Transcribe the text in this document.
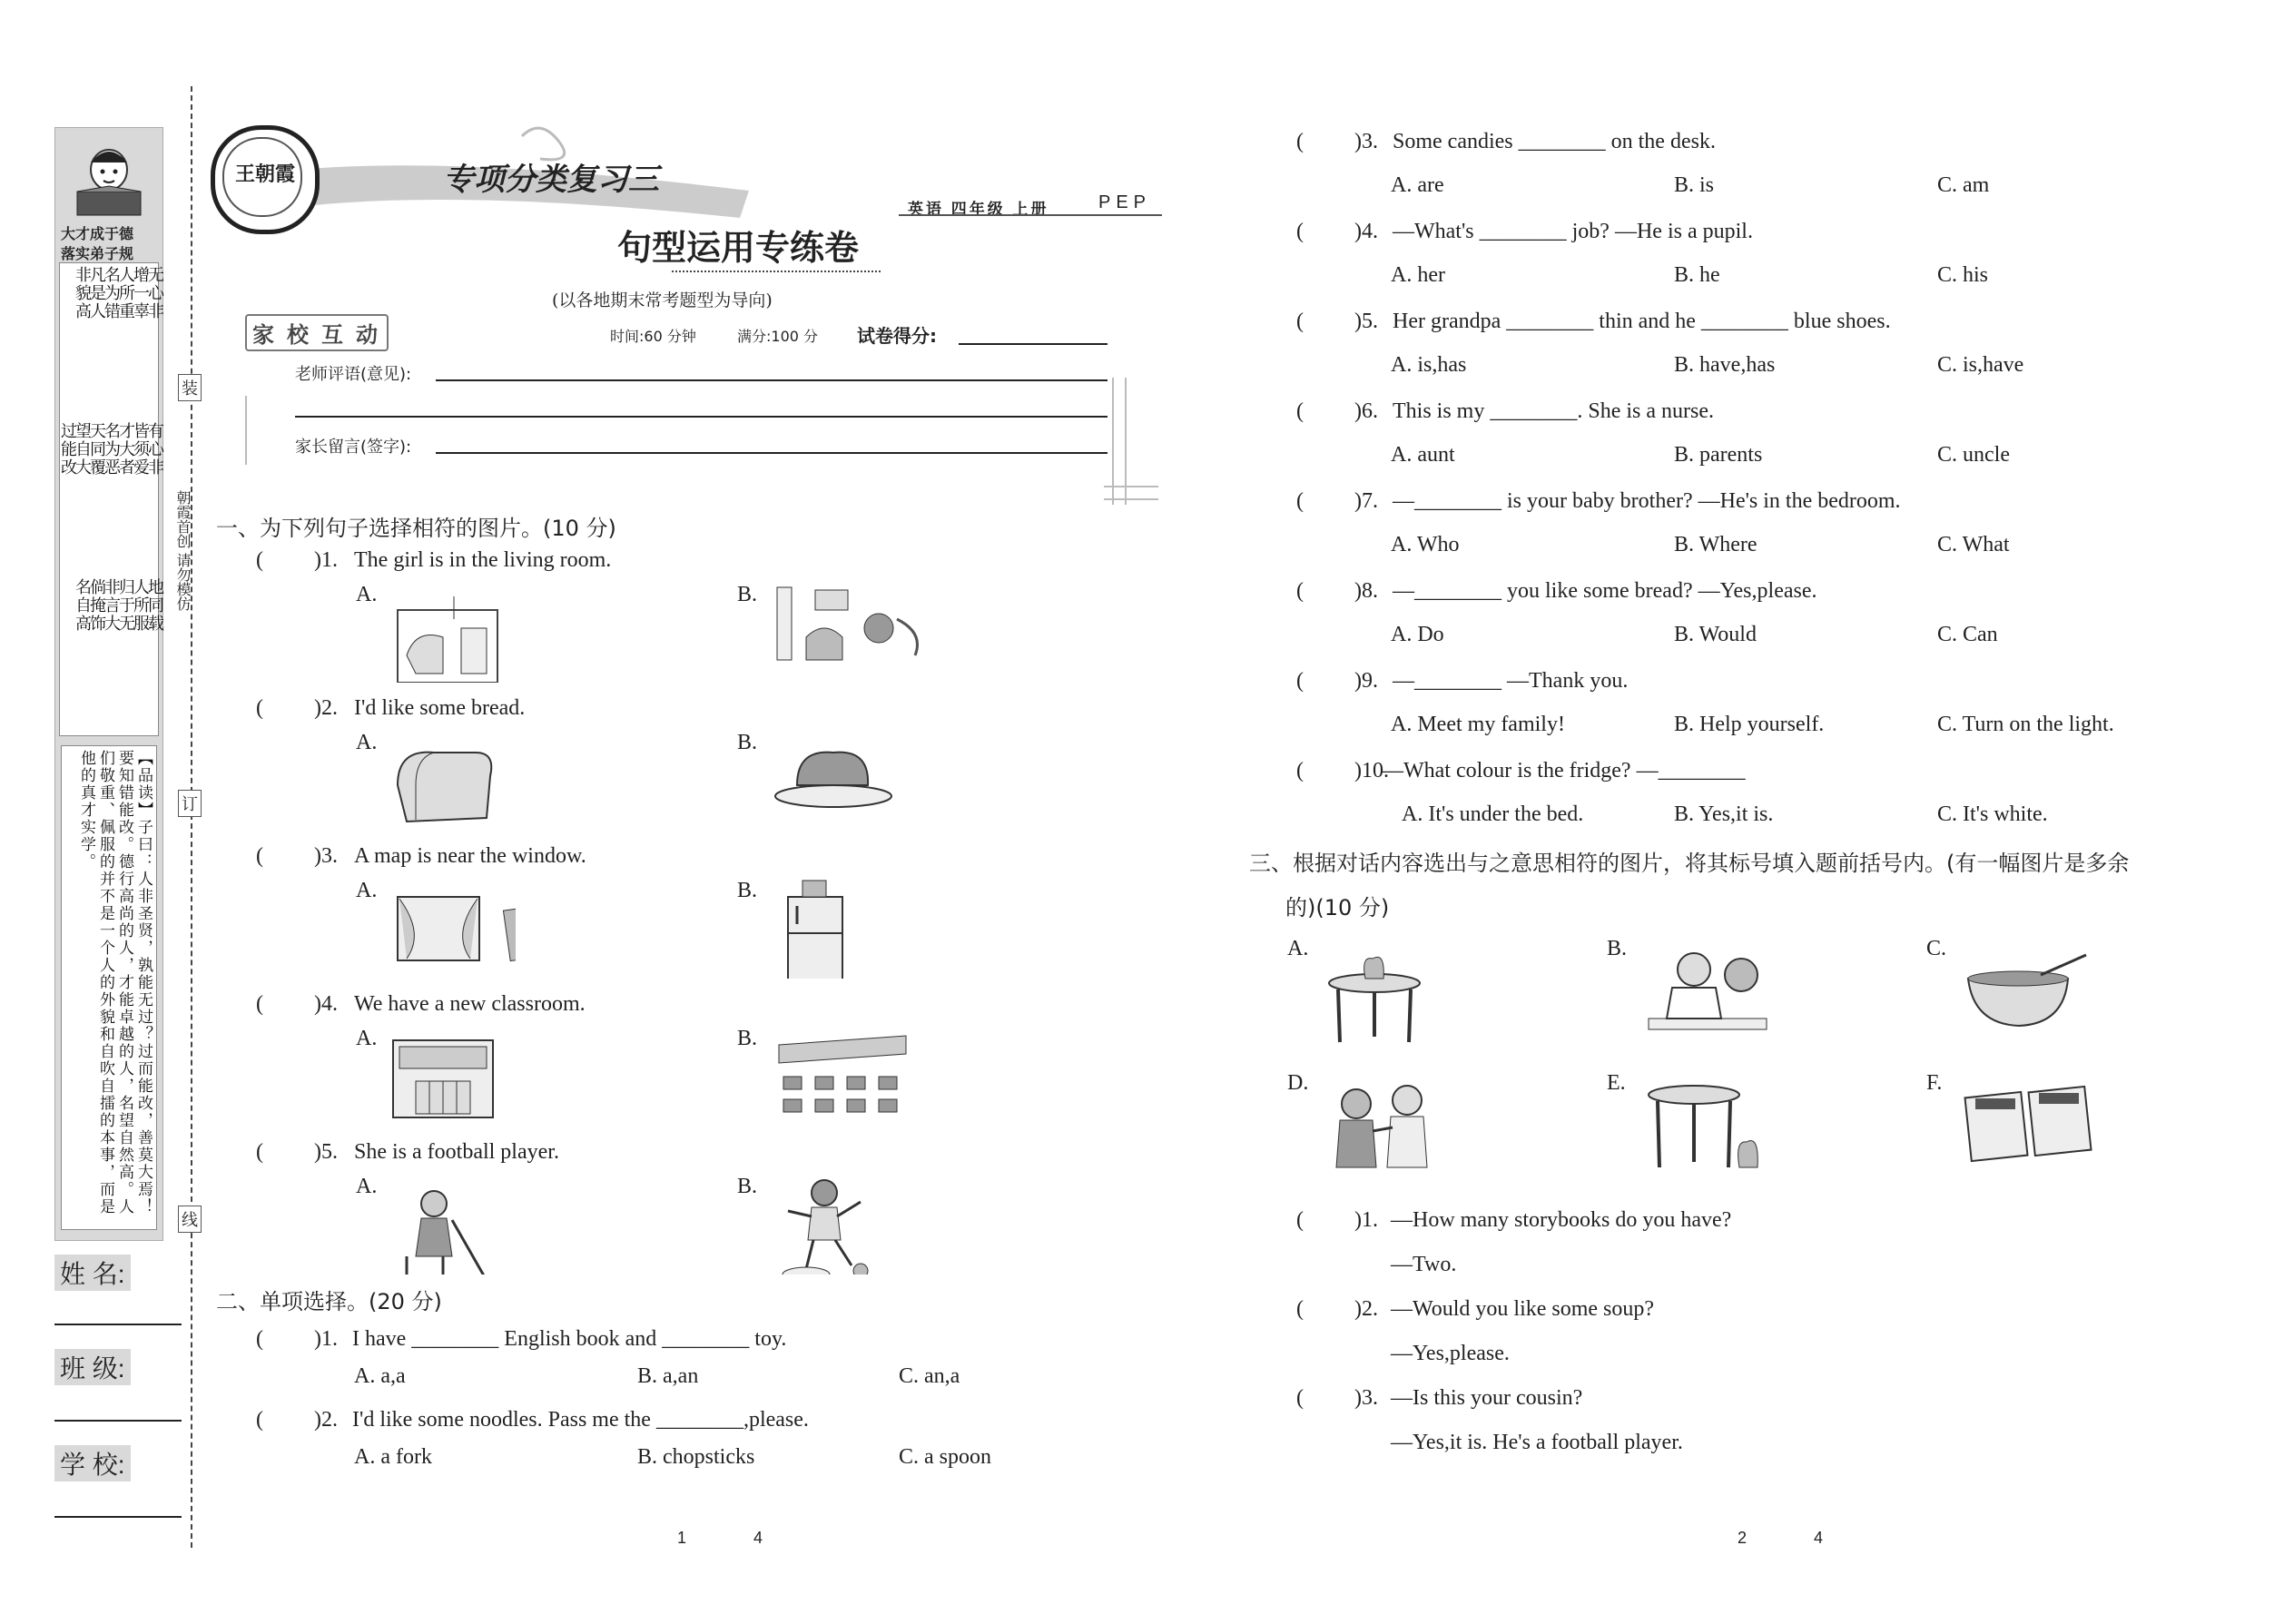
大才成于德
落实弟子规
无心非
增一辜
人所重
名为错
凡是人
非貌高
有心非
皆须爱
才大者
名为恶
天同覆
望自大
过能改
地同载
人所服
归于无
非言大
倘掩饰
名自高
【品读】子曰：人非圣贤，孰能无过？过而能改，善莫大焉！要知错能改。德行高尚的人，才能卓越的人，名望自然高。人们敬重、佩服的并不是一个人的外貌和自吹自擂的本事，而是他的真才实学。
姓 名:
班 级:
学 校:
装
订
线
朝霞首创 请勿模仿
王朝霞	专项分类复习三
英语 四年级 上册	PEP
句型运用专练卷
(以各地期末常考题型为导向)
家 校 互 动	时间:60 分钟	满分:100 分 试卷得分:
老师评语(意见):
家长留言(签字):
一、为下列句子选择相符的图片。(10 分)
( )1. The girl is in the living room.
A.	B.
( )2. I'd like some bread.
A.	B.
( )3. A map is near the window.
A.	B.
( )4. We have a new classroom.
A.	B.
( )5. She is a football player.
A.	B.
二、单项选择。(20 分)
( )1. I have ________ English book and ________ toy.
A. a,a	B. a,an	C. an,a
( )2. I'd like some noodles. Pass me the ________,please.
A. a fork	B. chopsticks	C. a spoon
( )3. Some candies ________ on the desk.
A. are	B. is	C. am
( )4. —What's ________ job? —He is a pupil.
A. her	B. he	C. his
( )5. Her grandpa ________ thin and he ________ blue shoes.
A. is,has	B. have,has	C. is,have
( )6. This is my ________. She is a nurse.
A. aunt	B. parents	C. uncle
( )7. —________ is your baby brother? —He's in the bedroom.
A. Who	B. Where	C. What
( )8. —________ you like some bread? —Yes,please.
A. Do	B. Would	C. Can
( )9. —________ —Thank you.
A. Meet my family!	B. Help yourself.	C. Turn on the light.
( )10.
—What colour is the fridge? —________
A. It's under the bed.	B. Yes,it is.	C. It's white.
三、根据对话内容选出与之意思相符的图片，将其标号填入题前括号内。(有一幅图片是多余
的)(10 分)
A.	B.	C.
D.	E.	F.
( )1. —How many storybooks do you have?
—Two.
( )2. —Would you like some soup?
—Yes,please.
( )3. —Is this your cousin?
—Yes,it is. He's a football player.
1	4	2	4
